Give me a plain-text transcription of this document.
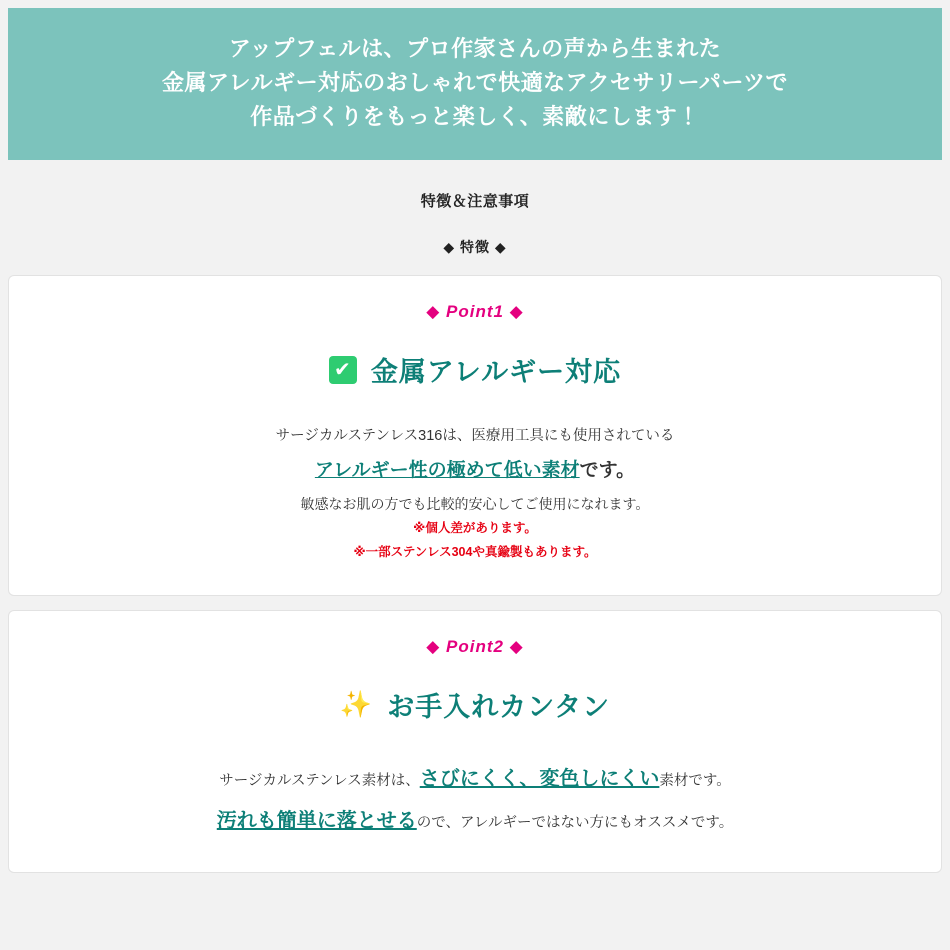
アップフェルは、プロ作家さんの声から生まれた
金属アレルギー対応のおしゃれで快適なアクセサリーパーツで
作品づくりをもっと楽しく、素敵にします！
特徴＆注意事項
◆ 特徴 ◆
◆ Point1 ◆
✔ 金属アレルギー対応
サージカルステンレス316は、医療用工具にも使用されている
アレルギー性の極めて低い素材です。
敏感なお肌の方でも比較的安心してご使用になれます。
※個人差があります。
※一部ステンレス304や真鍮製もあります。
◆ Point2 ◆
✨ お手入れカンタン
サージカルステンレス素材は、さびにくく、変色しにくい素材です。
汚れも簡単に落とせるので、アレルギーではない方にもオススメです。
